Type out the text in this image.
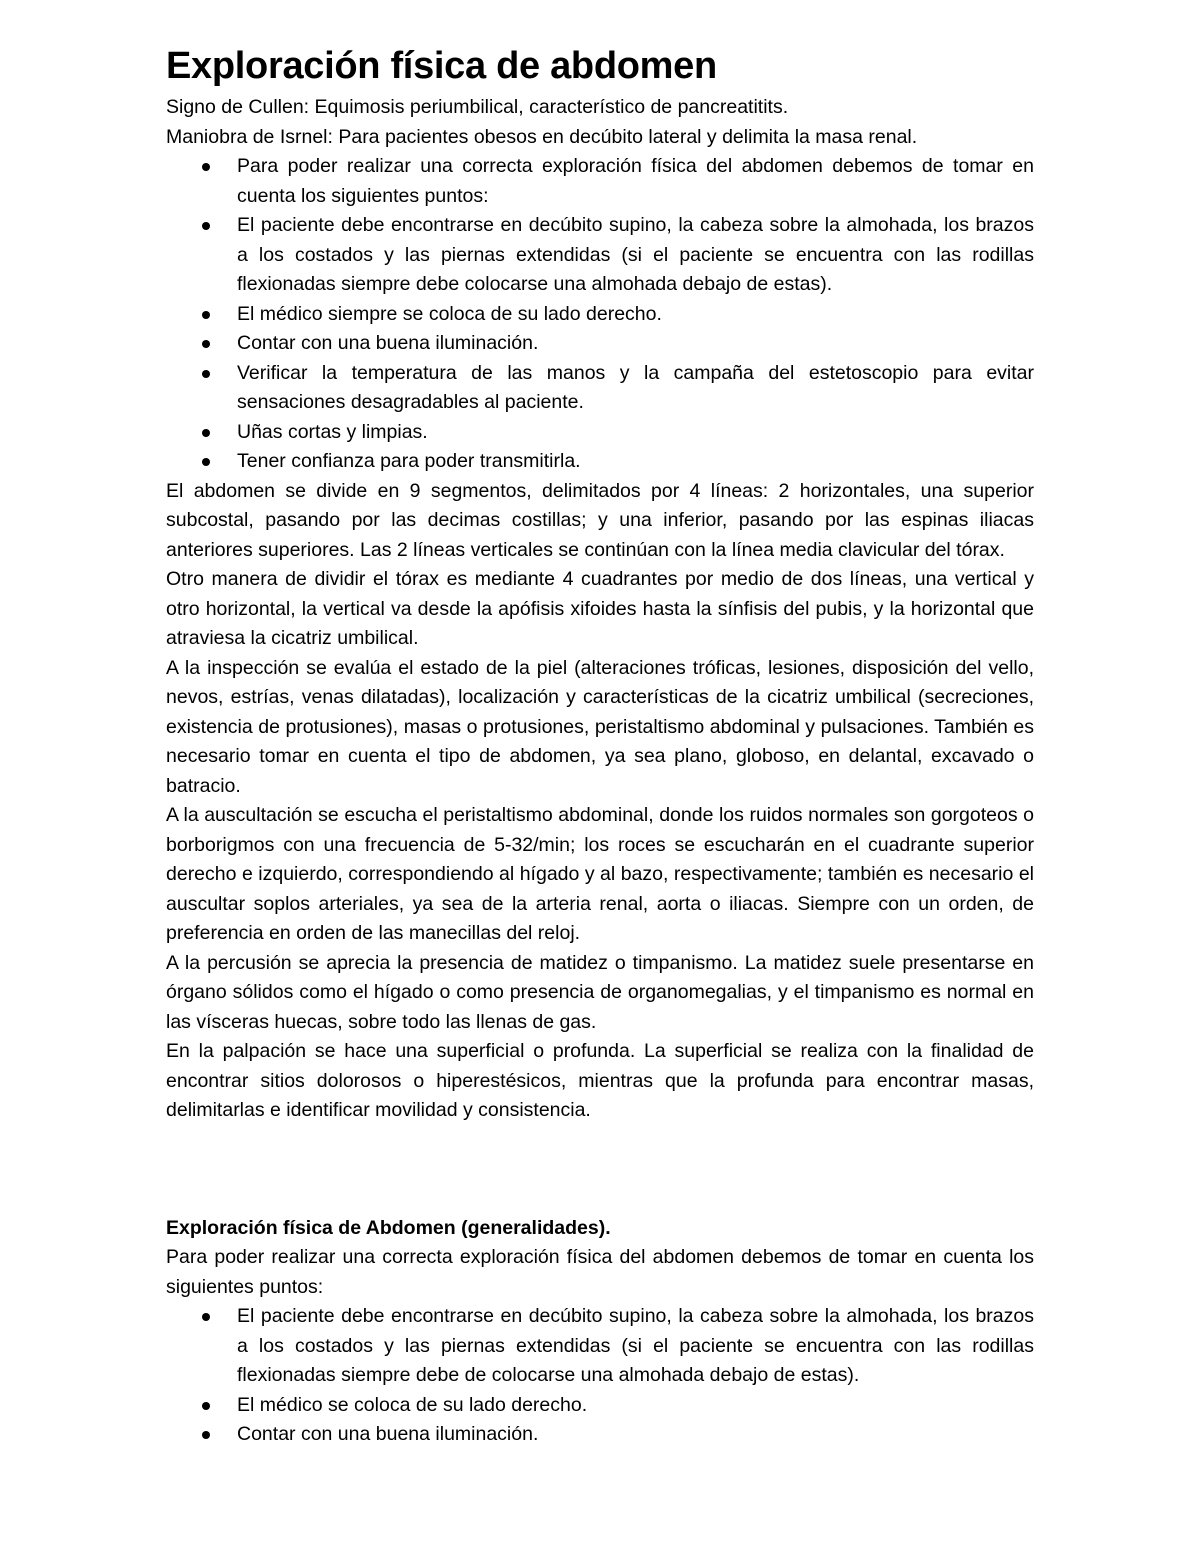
Exploración física de abdomen

Signo de Cullen: Equimosis periumbilical, característico de pancreatitits.

Maniobra de Isrnel: Para pacientes obesos en decúbito lateral y delimita la masa renal.

Para poder realizar una correcta exploración física del abdomen debemos de tomar en cuenta los siguientes puntos:
El paciente debe encontrarse en decúbito supino, la cabeza sobre la almohada, los brazos a los costados y las piernas extendidas (si el paciente se encuentra con las rodillas flexionadas siempre debe colocarse una almohada debajo de estas).
El médico siempre se coloca de su lado derecho.
Contar con una buena iluminación.
Verificar la temperatura de las manos y la campaña del estetoscopio para evitar sensaciones desagradables al paciente.
Uñas cortas y limpias.
Tener confianza para poder transmitirla.

El abdomen se divide en 9 segmentos, delimitados por 4 líneas: 2 horizontales, una superior subcostal, pasando por las decimas costillas; y una inferior, pasando por las espinas iliacas anteriores superiores. Las 2 líneas verticales se continúan con la línea media clavicular del tórax.

Otro manera de dividir el tórax es mediante 4 cuadrantes por medio de dos líneas, una vertical y otro horizontal, la vertical va desde la apófisis xifoides hasta la sínfisis del pubis, y la horizontal que atraviesa la cicatriz umbilical.

A la inspección se evalúa el estado de la piel (alteraciones tróficas, lesiones, disposición del vello, nevos, estrías, venas dilatadas), localización y características de la cicatriz umbilical (secreciones, existencia de protusiones), masas o protusiones, peristaltismo abdominal y pulsaciones. También es necesario tomar en cuenta el tipo de abdomen, ya sea plano, globoso, en delantal, excavado o batracio.

A la auscultación se escucha el peristaltismo abdominal, donde los ruidos normales son gorgoteos o borborigmos con una frecuencia de 5-32/min; los roces se escucharán en el cuadrante superior derecho e izquierdo, correspondiendo al hígado y al bazo, respectivamente; también es necesario el auscultar soplos arteriales, ya sea de la arteria renal, aorta o iliacas. Siempre con un orden, de preferencia en orden de las manecillas del reloj.

A la percusión se aprecia la presencia de matidez o timpanismo. La matidez suele presentarse en órgano sólidos como el hígado o como presencia de organomegalias, y el timpanismo es normal en las vísceras huecas, sobre todo las llenas de gas.

En la palpación se hace una superficial o profunda. La superficial se realiza con la finalidad de encontrar sitios dolorosos o hiperestésicos, mientras que la profunda para encontrar masas, delimitarlas e identificar movilidad y consistencia.

Exploración física de Abdomen (generalidades).

Para poder realizar una correcta exploración física del abdomen debemos de tomar en cuenta los siguientes puntos:

El paciente debe encontrarse en decúbito supino, la cabeza sobre la almohada, los brazos a los costados y las piernas extendidas (si el paciente se encuentra con las rodillas flexionadas siempre debe de colocarse una almohada debajo de estas).
El médico se coloca de su lado derecho.
Contar con una buena iluminación.
